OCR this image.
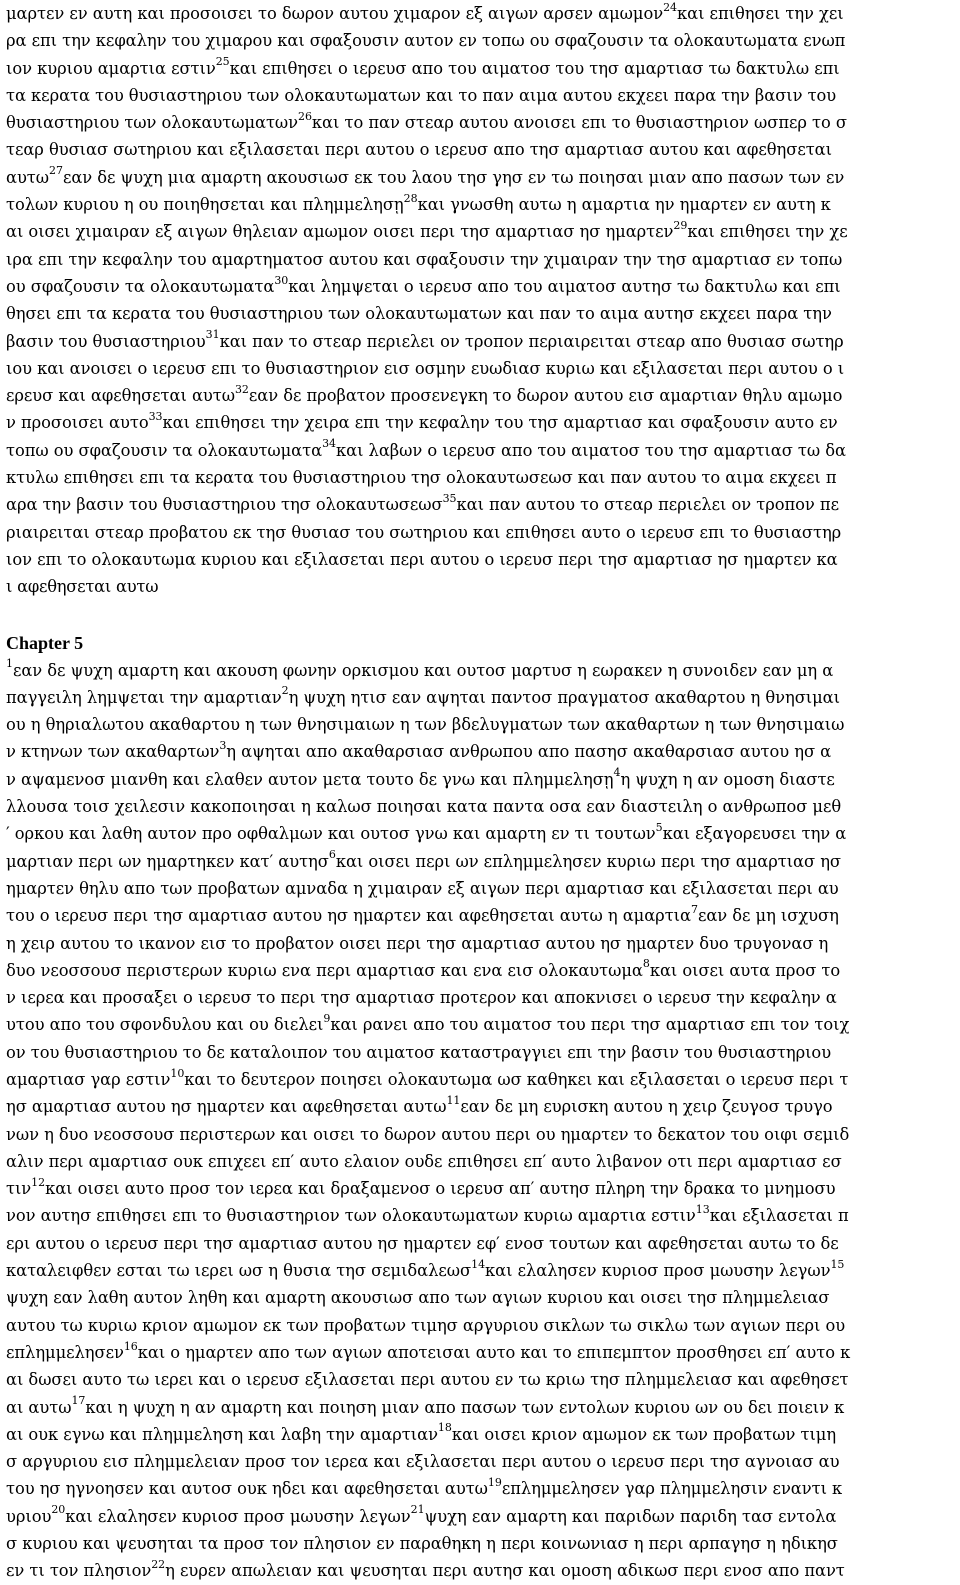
μαρτεν εν αυτη και προσοισει το δωρον αυτου χιμαρον εξ αιγων αρσεν αμωμον$^{24}$και επιθησει την χει
ρα επι την κεφαλην του χιμαρου και σφαξουσιν αυτον εν τοπω ου σφαζουσιν τα ολοκαυτωματα ενωπ
ιον κυριου αμαρτια εστιν$^{25}$και επιθησει ο ιερευσ απο του αιματοσ του τησ αμαρτιασ τω δακτυλω επι
τα κερατα του θυσιαστηριου των ολοκαυτωματων και το παν αιμα αυτου εκχεει παρα την βασιν του
θυσιαστηριου των ολοκαυτωματων$^{26}$και το παν στεαρ αυτου ανοισει επι το θυσιαστηριον ωσπερ το σ
τεαρ θυσιασ σωτηριου και εξιλασεται περι αυτου ο ιερευσ απο τησ αμαρτιασ αυτου και αφεθησεται
αυτω$^{27}$εαν δε ψυχη μια αμαρτη ακουσιωσ εκ του λαου τησ γησ εν τω ποιησαι μιαν απο πασων των εν
τολων κυριου η ου ποιηθησεται και πλημμελησῃ$^{28}$και γνωσθη αυτω η αμαρτια ην ημαρτεν εν αυτη κ
αι οισει χιμαιραν εξ αιγων θηλειαν αμωμον οισει περι τησ αμαρτιασ ησ ημαρτεν$^{29}$και επιθησει την χε
ιρα επι την κεφαλην του αμαρτηματοσ αυτου και σφαξουσιν την χιμαιραν την τησ αμαρτιασ εν τοπω
ου σφαζουσιν τα ολοκαυτωματα$^{30}$και λημψεται ο ιερευσ απο του αιματοσ αυτησ τω δακτυλω και επι
θησει επι τα κερατα του θυσιαστηριου των ολοκαυτωματων και παν το αιμα αυτησ εκχεει παρα την
βασιν του θυσιαστηριου$^{31}$και παν το στεαρ περιελει ον τροπον περιαιρειται στεαρ απο θυσιασ σωτηρ
ιου και ανοισει ο ιερευσ επι το θυσιαστηριον εισ οσμην ευωδιασ κυριω και εξιλασεται περι αυτου ο ι
ερευσ και αφεθησεται αυτω$^{32}$εαν δε προβατον προσενεγκη το δωρον αυτου εισ αμαρτιαν θηλυ αμωμο
ν προσοισει αυτο$^{33}$και επιθησει την χειρα επι την κεφαλην του τησ αμαρτιασ και σφαξουσιν αυτο εν
τοπω ου σφαζουσιν τα ολοκαυτωματα$^{34}$και λαβων ο ιερευσ απο του αιματοσ του τησ αμαρτιασ τω δα
κτυλω επιθησει επι τα κερατα του θυσιαστηριου τησ ολοκαυτωσεωσ και παν αυτου το αιμα εκχεει π
αρα την βασιν του θυσιαστηριου τησ ολοκαυτωσεωσ$^{35}$και παν αυτου το στεαρ περιελει ον τροπον πε
ριαιρειται στεαρ προβατου εκ τησ θυσιασ του σωτηριου και επιθησει αυτο ο ιερευσ επι το θυσιαστηρ
ιον επι το ολοκαυτωμα κυριου και εξιλασεται περι αυτου ο ιερευσ περι τησ αμαρτιασ ησ ημαρτεν κα
ι αφεθησεται αυτω
Chapter 5
$^1$εαν δε ψυχη αμαρτη και ακουση φωνην ορκισμου και ουτοσ μαρτυσ η εωρακεν η συνοιδεν εαν μη α
παγγειλη λημψεται την αμαρτιαν$^2$η ψυχη ητισ εαν αψηται παντοσ πραγματοσ ακαθαρτου η θνησιμαι
ου η θηριαλωτου ακαθαρτου η των θνησιμαιων η των βδελυγματων των ακαθαρτων η των θνησιμαιω
ν κτηνων των ακαθαρτων$^3$η αψηται απο ακαθαρσιασ ανθρωπου απο πασησ ακαθαρσιασ αυτου ησ α
ν αψαμενοσ μιανθη και ελαθεν αυτον μετα τουτο δε γνω και πλημμελησῃ$^4$η ψυχη η αν ομοση διαστε
λλουσα τοισ χειλεσιν κακοποιησαι η καλωσ ποιησαι κατα παντα οσα εαν διαστειλη ο ανθρωποσ μεθ
′ ορκου και λαθη αυτον προ οφθαλμων και ουτοσ γνω και αμαρτη εν τι τουτων$^5$και εξαγορευσει την α
μαρτιαν περι ων ημαρτηκεν κατ′ αυτησ$^6$και οισει περι ων επλημμελησεν κυριω περι τησ αμαρτιασ ησ
ημαρτεν θηλυ απο των προβατων αμναδα η χιμαιραν εξ αιγων περι αμαρτιασ και εξιλασεται περι αυ
του ο ιερευσ περι τησ αμαρτιασ αυτου ησ ημαρτεν και αφεθησεται αυτω η αμαρτια$^7$εαν δε μη ισχυση
η χειρ αυτου το ικανον εισ το προβατον οισει περι τησ αμαρτιασ αυτου ησ ημαρτεν δυο τρυγονασ η
δυο νεοσσουσ περιστερων κυριω ενα περι αμαρτιασ και ενα εισ ολοκαυτωμα$^8$και οισει αυτα προσ το
ν ιερεα και προσαξει ο ιερευσ το περι τησ αμαρτιασ προτερον και αποκνισει ο ιερευσ την κεφαλην α
υτου απο του σφονδυλου και ου διελει$^9$και ρανει απο του αιματοσ του περι τησ αμαρτιασ επι τον τοιχ
ον του θυσιαστηριου το δε καταλοιπον του αιματοσ καταστραγγιει επι την βασιν του θυσιαστηριου
αμαρτιασ γαρ εστιν$^{10}$και το δευτερον ποιησει ολοκαυτωμα ωσ καθηκει και εξιλασεται ο ιερευσ περι τ
ησ αμαρτιασ αυτου ησ ημαρτεν και αφεθησεται αυτω$^{11}$εαν δε μη ευρισκη αυτου η χειρ ζευγοσ τρυγο
νων η δυο νεοσσουσ περιστερων και οισει το δωρον αυτου περι ου ημαρτεν το δεκατον του οιφι σεμιδ
αλιν περι αμαρτιασ ουκ επιχεει επ′ αυτο ελαιον ουδε επιθησει επ′ αυτο λιβανον οτι περι αμαρτιασ εσ
τιν$^{12}$και οισει αυτο προσ τον ιερεα και δραξαμενοσ ο ιερευσ απ′ αυτησ πληρη την δρακα το μνημοσυ
νον αυτησ επιθησει επι το θυσιαστηριον των ολοκαυτωματων κυριω αμαρτια εστιν$^{13}$και εξιλασεται π
ερι αυτου ο ιερευσ περι τησ αμαρτιασ αυτου ησ ημαρτεν εφ′ ενοσ τουτων και αφεθησεται αυτω το δε
καταλειφθεν εσται τω ιερει ωσ η θυσια τησ σεμιδαλεωσ$^{14}$και ελαλησεν κυριοσ προσ μωυσην λεγων$^{15}$
ψυχη εαν λαθη αυτον ληθη και αμαρτη ακουσιωσ απο των αγιων κυριου και οισει τησ πλημμελειασ
αυτου τω κυριω κριον αμωμον εκ των προβατων τιμησ αργυριου σικλων τω σικλω των αγιων περι ου
επλημμελησεν$^{16}$και ο ημαρτεν απο των αγιων αποτεισαι αυτο και το επιπεμπτον προσθησει επ′ αυτο κ
αι δωσει αυτο τω ιερει και ο ιερευσ εξιλασεται περι αυτου εν τω κριω τησ πλημμελειασ και αφεθησετ
αι αυτω$^{17}$και η ψυχη η αν αμαρτη και ποιηση μιαν απο πασων των εντολων κυριου ων ου δει ποιειν κ
αι ουκ εγνω και πλημμεληση και λαβη την αμαρτιαν$^{18}$και οισει κριον αμωμον εκ των προβατων τιμη
σ αργυριου εισ πλημμελειαν προσ τον ιερεα και εξιλασεται περι αυτου ο ιερευσ περι τησ αγνοιασ αυ
του ησ ηγνοησεν και αυτοσ ουκ ηδει και αφεθησεται αυτω$^{19}$επλημμελησεν γαρ πλημμελησιν εναντι κ
υριου$^{20}$και ελαλησεν κυριοσ προσ μωυσην λεγων$^{21}$ψυχη εαν αμαρτη και παριδων παριδη τασ εντολα
σ κυριου και ψευσηται τα προσ τον πλησιον εν παραθηκη η περι κοινωνιασ η περι αρπαγησ η ηδικησ
εν τι τον πλησιον$^{22}$η ευρεν απωλειαν και ψευσηται περι αυτησ και ομοση αδικωσ περι ενοσ απο παντ
